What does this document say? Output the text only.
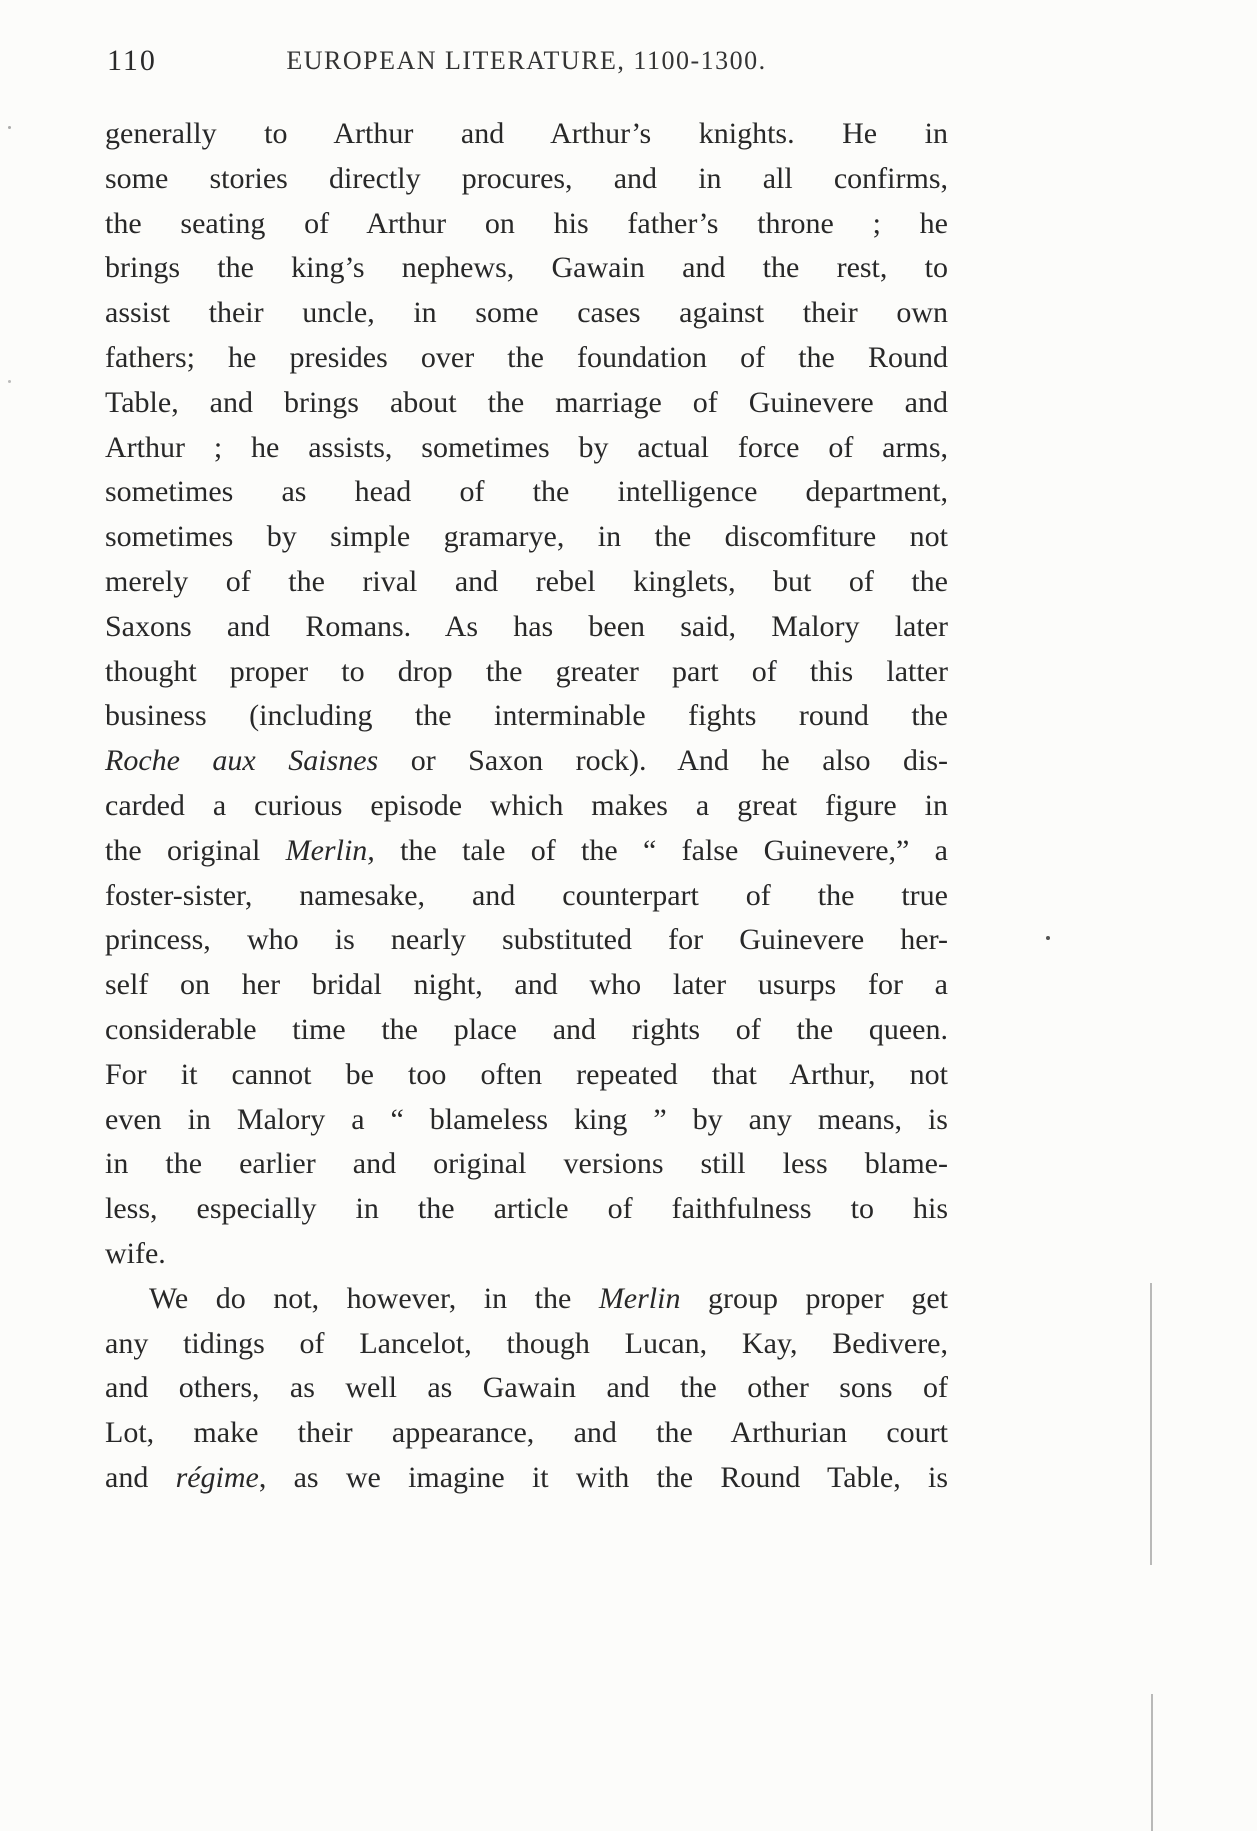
110	EUROPEAN LITERATURE, 1100-1300.
generally to Arthur and Arthur’s knights. He in
some stories directly procures, and in all confirms,
the seating of Arthur on his father’s throne ; he
brings the king’s nephews, Gawain and the rest, to
assist their uncle, in some cases against their own
fathers; he presides over the foundation of the Round
Table, and brings about the marriage of Guinevere and
Arthur ; he assists, sometimes by actual force of arms,
sometimes as head of the intelligence department,
sometimes by simple gramarye, in the discomfiture not
merely of the rival and rebel kinglets, but of the
Saxons and Romans. As has been said, Malory later
thought proper to drop the greater part of this latter
business (including the interminable fights round the
Roche aux Saisnes or Saxon rock). And he also dis-
carded a curious episode which makes a great figure in
the original Merlin, the tale of the “ false Guinevere,” a
foster-sister, namesake, and counterpart of the true
princess, who is nearly substituted for Guinevere her-
self on her bridal night, and who later usurps for a
considerable time the place and rights of the queen.
For it cannot be too often repeated that Arthur, not
even in Malory a “ blameless king ” by any means, is
in the earlier and original versions still less blame-
less, especially in the article of faithfulness to his
wife.
We do not, however, in the Merlin group proper get
any tidings of Lancelot, though Lucan, Kay, Bedivere,
and others, as well as Gawain and the other sons of
Lot, make their appearance, and the Arthurian court
and régime, as we imagine it with the Round Table, is
